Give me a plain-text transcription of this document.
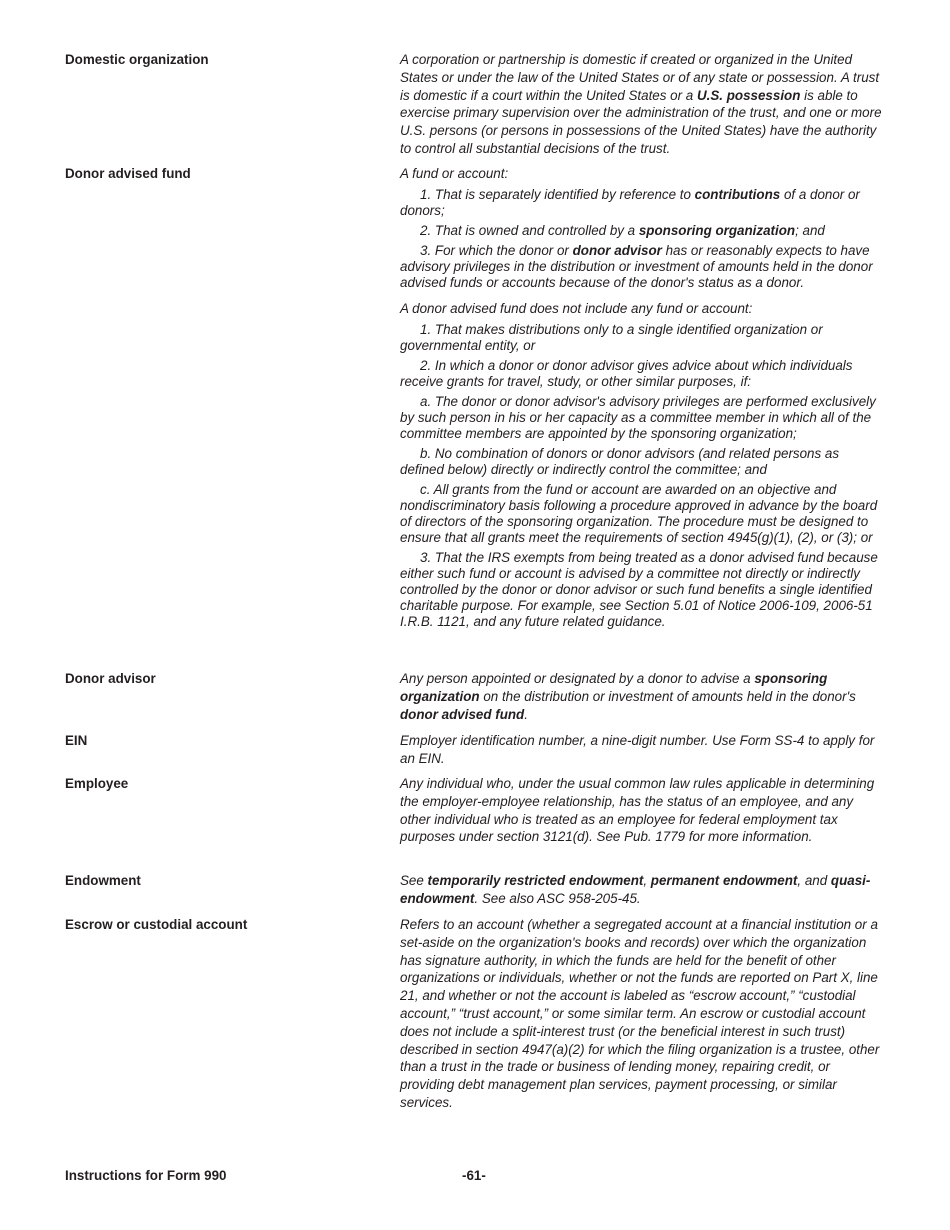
Domestic organization	A corporation or partnership is domestic if created or organized in the United States or under the law of the United States or of any state or possession. A trust is domestic if a court within the United States or a U.S. possession is able to exercise primary supervision over the administration of the trust, and one or more U.S. persons (or persons in possessions of the United States) have the authority to control all substantial decisions of the trust.

Donor advised fund	A fund or account:

1. That is separately identified by reference to contributions of a donor or donors;

2. That is owned and controlled by a sponsoring organization; and

3. For which the donor or donor advisor has or reasonably expects to have advisory privileges in the distribution or investment of amounts held in the donor advised funds or accounts because of the donor's status as a donor.

A donor advised fund does not include any fund or account:

1. That makes distributions only to a single identified organization or governmental entity, or

2. In which a donor or donor advisor gives advice about which individuals receive grants for travel, study, or other similar purposes, if:

a. The donor or donor advisor's advisory privileges are performed exclusively by such person in his or her capacity as a committee member in which all of the committee members are appointed by the sponsoring organization;

b. No combination of donors or donor advisors (and related persons as defined below) directly or indirectly control the committee; and

c. All grants from the fund or account are awarded on an objective and nondiscriminatory basis following a procedure approved in advance by the board of directors of the sponsoring organization. The procedure must be designed to ensure that all grants meet the requirements of section 4945(g)(1), (2), or (3); or

3. That the IRS exempts from being treated as a donor advised fund because either such fund or account is advised by a committee not directly or indirectly controlled by the donor or donor advisor or such fund benefits a single identified charitable purpose. For example, see Section 5.01 of Notice 2006-109, 2006-51 I.R.B. 1121, and any future related guidance.

Donor advisor	Any person appointed or designated by a donor to advise a sponsoring organization on the distribution or investment of amounts held in the donor's donor advised fund.

EIN	Employer identification number, a nine-digit number. Use Form SS-4 to apply for an EIN.

Employee	Any individual who, under the usual common law rules applicable in determining the employer-employee relationship, has the status of an employee, and any other individual who is treated as an employee for federal employment tax purposes under section 3121(d). See Pub. 1779 for more information.

Endowment	See temporarily restricted endowment, permanent endowment, and quasi-endowment. See also ASC 958-205-45.

Escrow or custodial account	Refers to an account (whether a segregated account at a financial institution or a set-aside on the organization's books and records) over which the organization has signature authority, in which the funds are held for the benefit of other organizations or individuals, whether or not the funds are reported on Part X, line 21, and whether or not the account is labeled as “escrow account,” “custodial account,” “trust account,” or some similar term. An escrow or custodial account does not include a split-interest trust (or the beneficial interest in such trust) described in section 4947(a)(2) for which the filing organization is a trustee, other than a trust in the trade or business of lending money, repairing credit, or providing debt management plan services, payment processing, or similar services.

Instructions for Form 990	-61-
